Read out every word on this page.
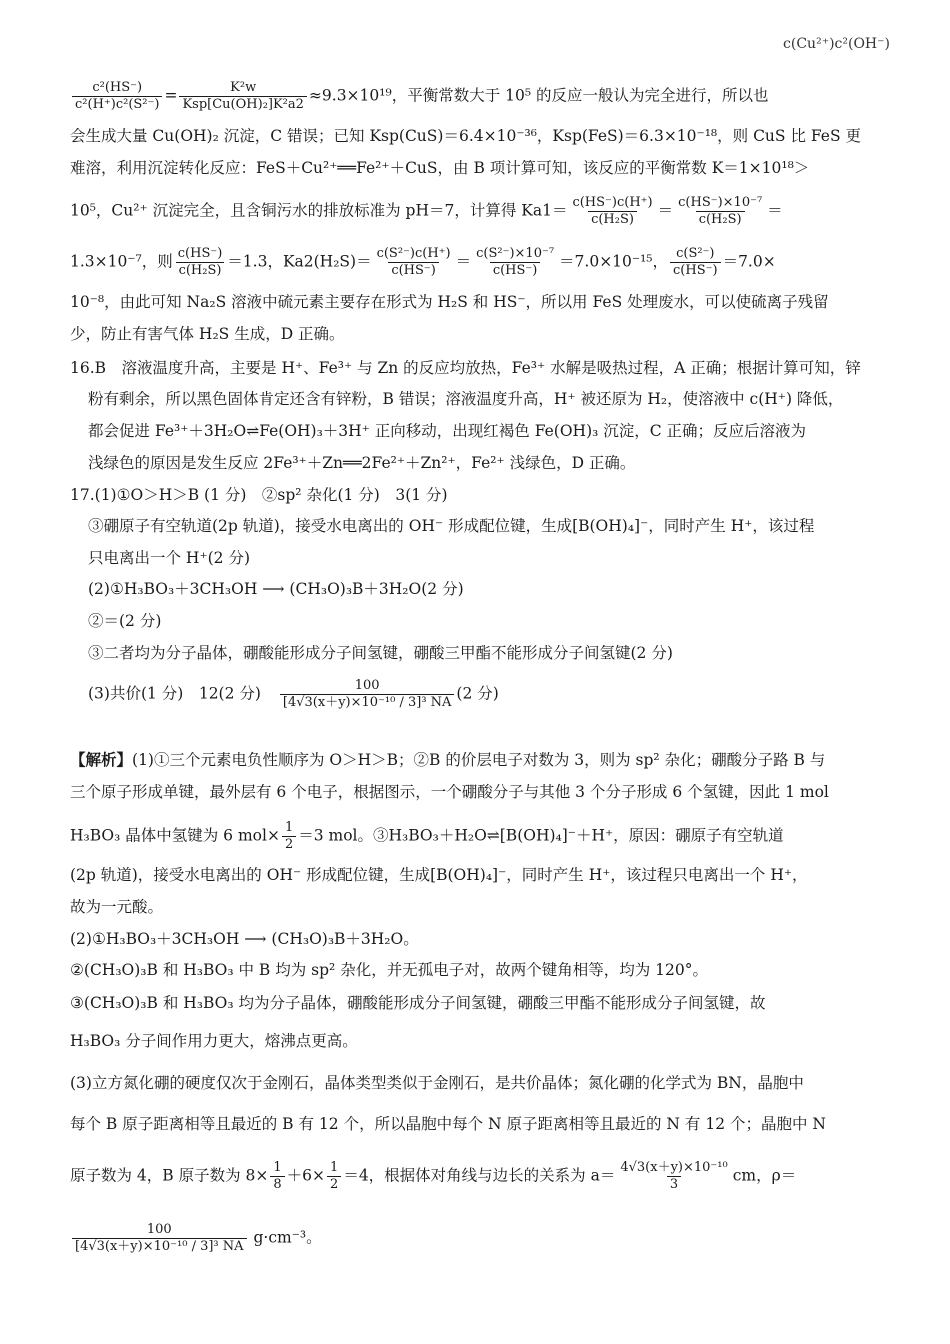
c(Cu²⁺)c²(OH⁻)
$\frac{\text{c²(HS⁻)}}{\text{c²(H⁺)c²(S²⁻)}} = \frac{\text{K²w}}{\text{Ksp[Cu(OH)₂]K²a2}} \approx 9.3\times 10^{19}$，平衡常数大于 10⁵ 的反应一般认为完全进行，所以也
会生成大量 Cu(OH)₂ 沉淀，C 错误；已知 Ksp(CuS)＝6.4×10⁻³⁶，Ksp(FeS)＝6.3×10⁻¹⁸，则 CuS 比 FeS 更
难溶，利用沉淀转化反应：FeS＋Cu²⁺══Fe²⁺＋CuS，由 B 项计算可知，该反应的平衡常数 K＝1×10¹⁸＞
10⁵，Cu²⁺ 沉淀完全，且含铜污水的排放标准为 pH＝7，计算得 $Ka1= \frac{c(HS^-)c(H^+)}{\text{c(H₂S)}} = \frac{\text{c(HS⁻)×10⁻⁷}}{\text{c(H₂S)}}$ ＝
1.3×10⁻⁷，则 $\frac{c(HS^-)}{\text{c(H₂S)}} =1.3$，$Ka2(H_2S)= \frac{\text{c(S²⁻)c(H⁺)}}{c(HS^-)} = \frac{\text{c(S²⁻)×10⁻⁷}}{c(HS^-)} =7.0\times 10^{-15}$， $\frac{\text{c(S²⁻)}}{c(HS^-)} =7.0\times$
10⁻⁸，由此可知 Na₂S 溶液中硫元素主要存在形式为 H₂S 和 HS⁻，所以用 FeS 处理废水，可以使硫离子残留
少，防止有害气体 H₂S 生成，D 正确。
16.B　溶液温度升高，主要是 H⁺、Fe³⁺ 与 Zn 的反应均放热，Fe³⁺ 水解是吸热过程，A 正确；根据计算可知，锌
粉有剩余，所以黑色固体肯定还含有锌粉，B 错误；溶液温度升高，H⁺ 被还原为 H₂，使溶液中 c(H⁺) 降低，
都会促进 Fe³⁺＋3H₂O⇌Fe(OH)₃＋3H⁺ 正向移动，出现红褐色 Fe(OH)₃ 沉淀，C 正确；反应后溶液为
浅绿色的原因是发生反应 2Fe³⁺＋Zn══2Fe²⁺＋Zn²⁺，Fe²⁺ 浅绿色，D 正确。
17.(1)①O＞H＞B (1 分)　②sp² 杂化(1 分)　3(1 分)
③硼原子有空轨道(2p 轨道)，接受水电离出的 OH⁻ 形成配位键，生成[B(OH)₄]⁻，同时产生 H⁺，该过程
只电离出一个 H⁺(2 分)
(2)①H₃BO₃＋3CH₃OH ⟶ (CH₃O)₃B＋3H₂O(2 分)
②＝(2 分)
③二者均为分子晶体，硼酸能形成分子间氢键，硼酸三甲酯不能形成分子间氢键(2 分)
(3)共价(1 分)　12(2 分) $\frac{100}{\text{[4√3(x＋y)×10⁻¹⁰ / 3]³ NA}} (2$ 分)
【解析】(1)①三个元素电负性顺序为 O＞H＞B；②B 的价层电子对数为 3，则为 sp² 杂化；硼酸分子路 B 与
三个原子形成单键，最外层有 6 个电子，根据图示，一个硼酸分子与其他 3 个分子形成 6 个氢键，因此 1 mol
H₃BO₃ 晶体中氢键为 6 $mol\times \frac{1}{2} =3$ mol。③H₃BO₃＋H₂O⇌[B(OH)₄]⁻＋H⁺，原因：硼原子有空轨道
(2p 轨道)，接受水电离出的 OH⁻ 形成配位键，生成[B(OH)₄]⁻，同时产生 H⁺，该过程只电离出一个 H⁺，
故为一元酸。
(2)①H₃BO₃＋3CH₃OH ⟶ (CH₃O)₃B＋3H₂O。
②(CH₃O)₃B 和 H₃BO₃ 中 B 均为 sp² 杂化，并无孤电子对，故两个键角相等，均为 120°。
③(CH₃O)₃B 和 H₃BO₃ 均为分子晶体，硼酸能形成分子间氢键，硼酸三甲酯不能形成分子间氢键，故
H₃BO₃ 分子间作用力更大，熔沸点更高。
(3)立方氮化硼的硬度仅次于金刚石，晶体类型类似于金刚石，是共价晶体；氮化硼的化学式为 BN，晶胞中
每个 B 原子距离相等且最近的 B 有 12 个，所以晶胞中每个 N 原子距离相等且最近的 N 有 12 个；晶胞中 N
原子数为 4，B 原子数为 $8\times \frac{1}{8} +6\times \frac{1}{2} =4$，根据体对角线与边长的关系为 $a= \frac{\text{4√3(x＋y)×10⁻¹⁰}}{3}$ cm，ρ＝
$\frac{100}{\text{[4√3(x＋y)×10⁻¹⁰ / 3]³ NA}} g\cdot cm^{-3}$。
